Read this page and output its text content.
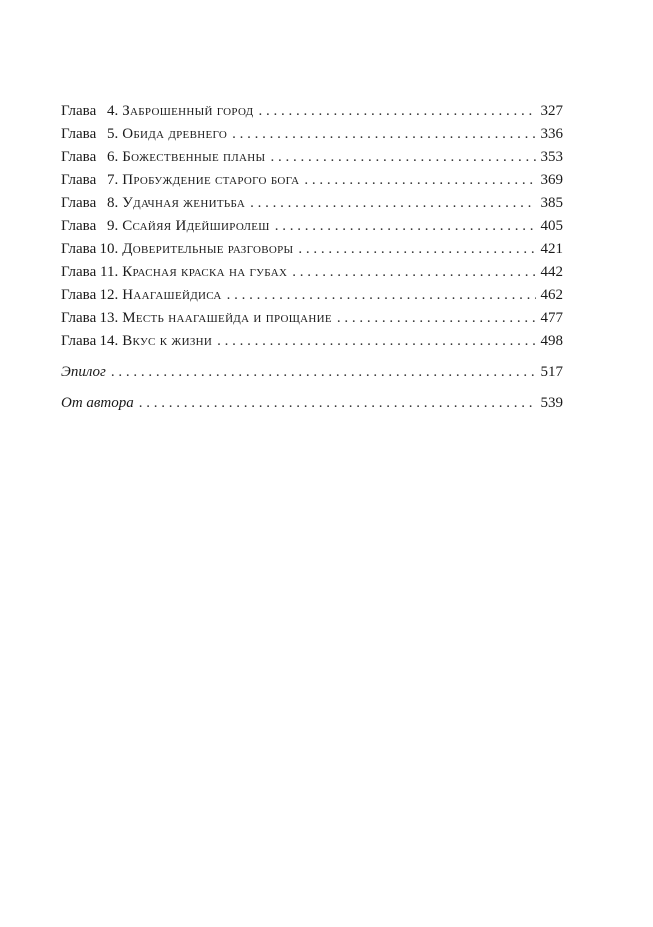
Глава 4. Заброшенный город . . .	327
Глава 5. Обида древнего . . .	336
Глава 6. Божественные планы . . .	353
Глава 7. Пробуждение старого бога . . .	369
Глава 8. Удачная женитьба . . .	385
Глава 9. Ссайяя Идейширолеш . . .	405
Глава 10. Доверительные разговоры . . .	421
Глава 11. Красная краска на губах . . .	442
Глава 12. Наагашейдиса . . .	462
Глава 13. Месть наагашейда и прощание . . .	477
Глава 14. Вкус к жизни . . .	498
Эпилог . . .	517
От автора . . .	539
